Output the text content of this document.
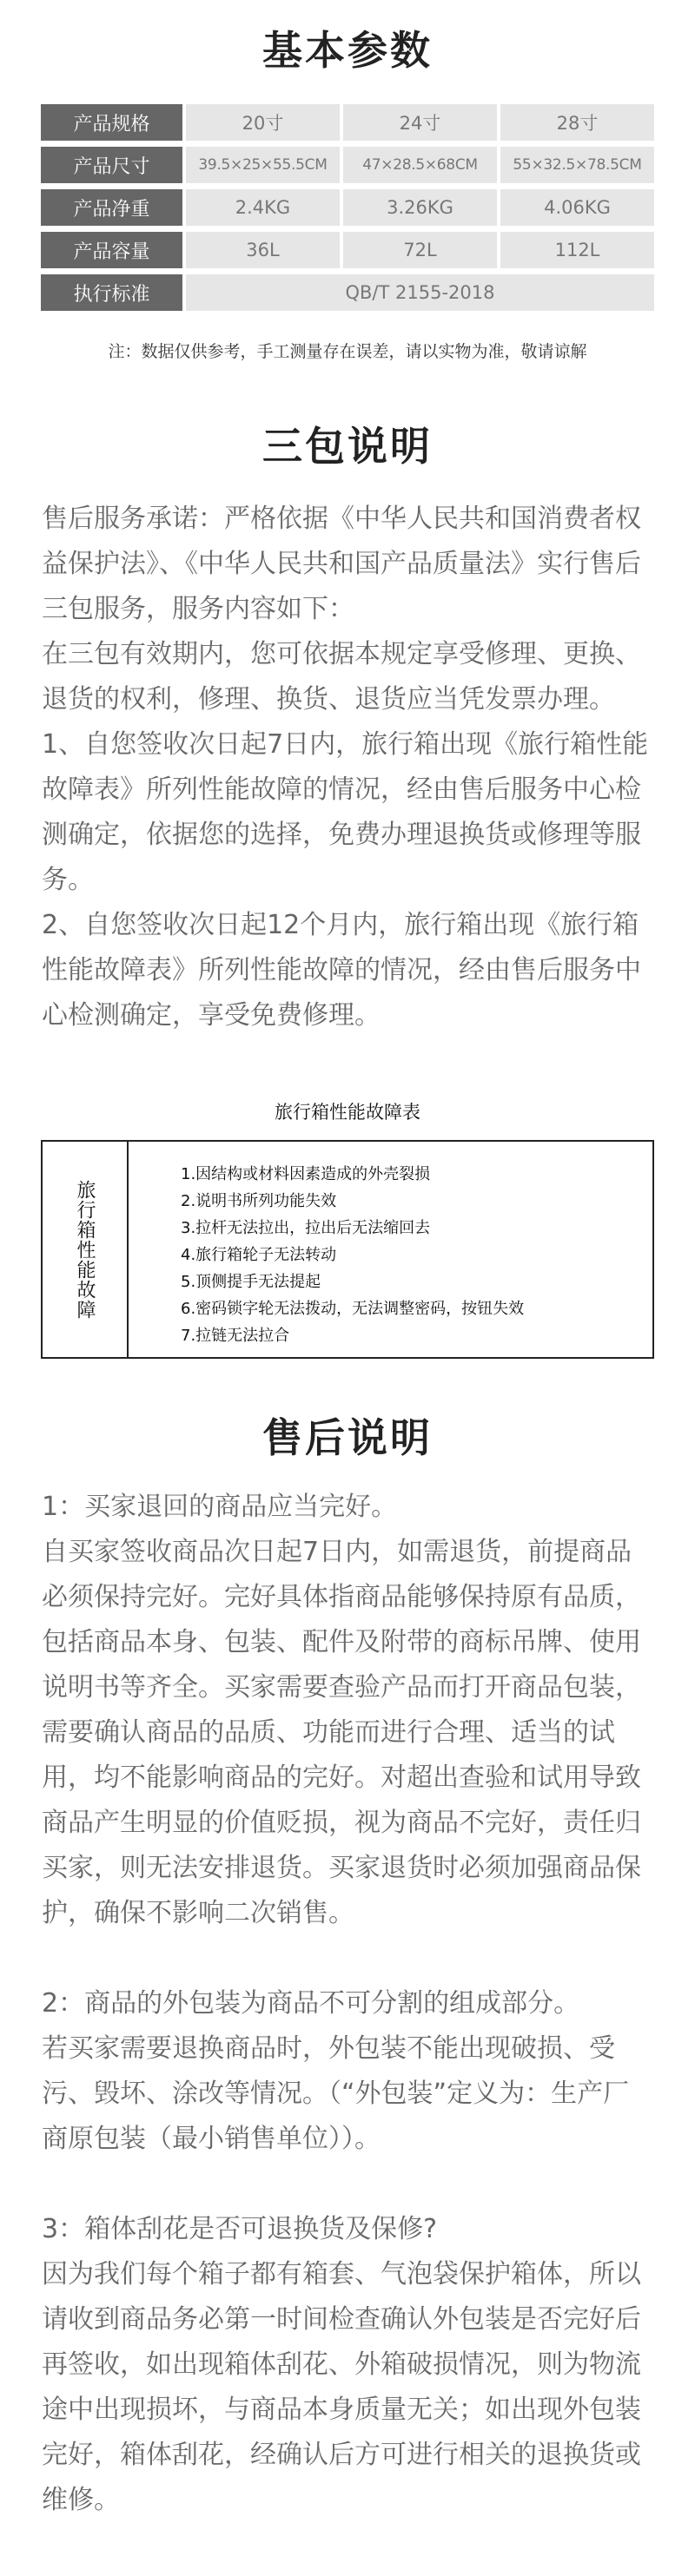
基本参数
产品规格	20寸	24寸	28寸
产品尺寸	39.5×25×55.5CM	47×28.5×68CM	55×32.5×78.5CM
产品净重	2.4KG	3.26KG	4.06KG
产品容量	36L	72L	112L
执行标准	QB/T 2155-2018
注：数据仅供参考，手工测量存在误差，请以实物为准，敬请谅解
三包说明

售后服务承诺：严格依据《中华人民共和国消费者权益保护法》、《中华人民共和国产品质量法》实行售后三包服务，服务内容如下：

在三包有效期内，您可依据本规定享受修理、更换、退货的权利，修理、换货、退货应当凭发票办理。

1、自您签收次日起7日内，旅行箱出现《旅行箱性能故障表》所列性能故障的情况，经由售后服务中心检测确定，依据您的选择，免费办理退换货或修理等服务。

2、自您签收次日起12个月内，旅行箱出现《旅行箱性能故障表》所列性能故障的情况，经由售后服务中心检测确定，享受免费修理。

旅行箱性能故障表
旅行箱性能故障
1.因结构或材料因素造成的外壳裂损
2.说明书所列功能失效
3.拉杆无法拉出，拉出后无法缩回去
4.旅行箱轮子无法转动
5.顶侧提手无法提起
6.密码锁字轮无法拨动，无法调整密码，按钮失效
7.拉链无法拉合
售后说明

1：买家退回的商品应当完好。

自买家签收商品次日起7日内，如需退货，前提商品必须保持完好。完好具体指商品能够保持原有品质，包括商品本身、包装、配件及附带的商标吊牌、使用说明书等齐全。买家需要查验产品而打开商品包装，需要确认商品的品质、功能而进行合理、适当的试用，均不能影响商品的完好。对超出查验和试用导致商品产生明显的价值贬损，视为商品不完好，责任归买家，则无法安排退货。买家退货时必须加强商品保护，确保不影响二次销售。

2：商品的外包装为商品不可分割的组成部分。

若买家需要退换商品时，外包装不能出现破损、受污、毁坏、涂改等情况。（“外包装”定义为：生产厂商原包装（最小销售单位））。

3：箱体刮花是否可退换货及保修?

因为我们每个箱子都有箱套、气泡袋保护箱体，所以请收到商品务必第一时间检查确认外包装是否完好后再签收，如出现箱体刮花、外箱破损情况，则为物流途中出现损坏，与商品本身质量无关；如出现外包装完好，箱体刮花，经确认后方可进行相关的退换货或维修。
